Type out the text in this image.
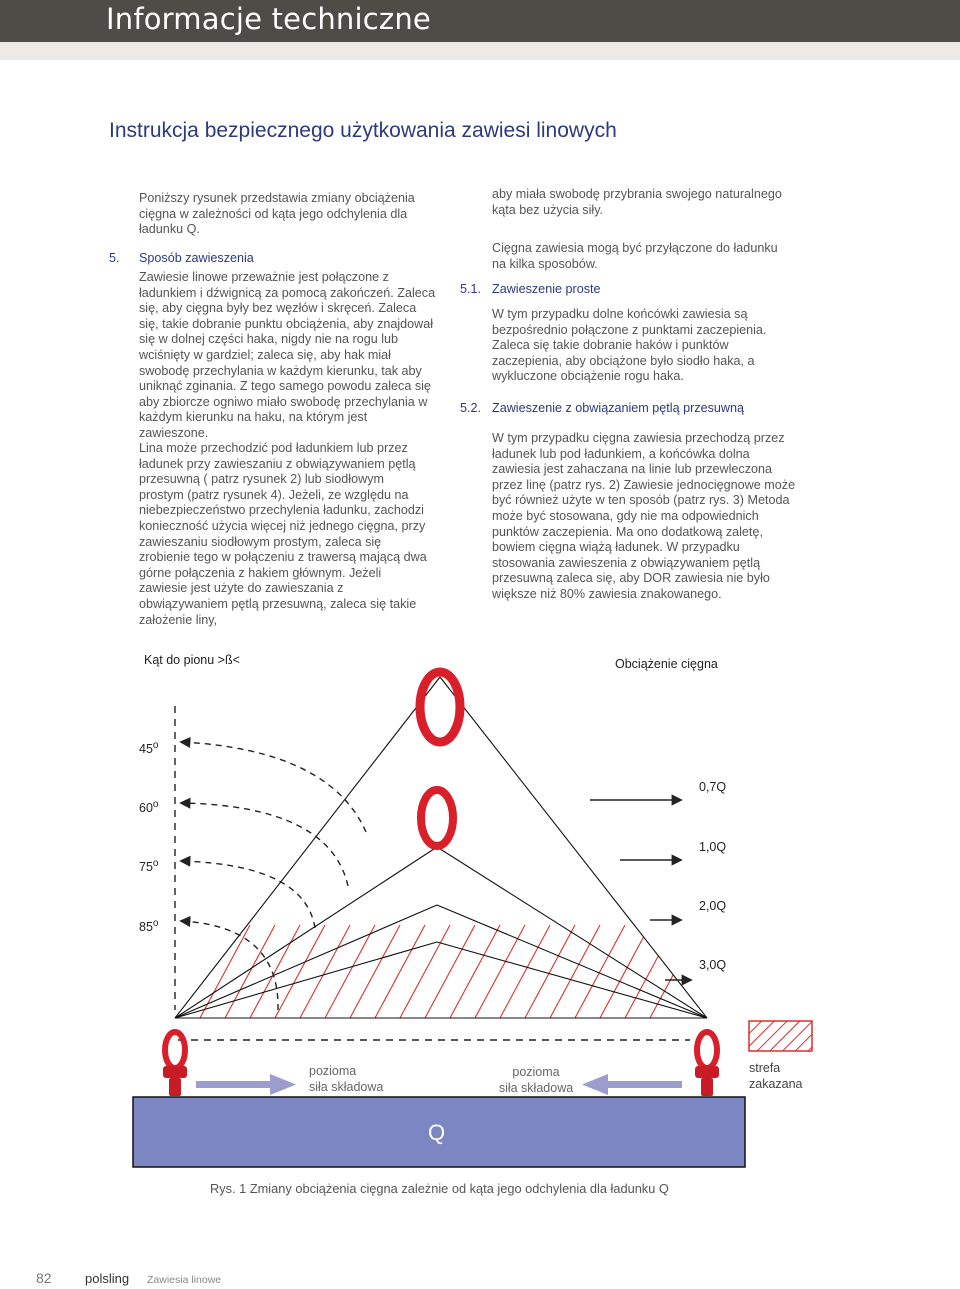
Informacje techniczne
Instrukcja bezpiecznego użytkowania zawiesi linowych

Poniższy rysunek przedstawia zmiany obciążenia cięgna w zależności od kąta jego odchylenia dla ładunku Q.

5. Sposób zawieszenia

Zawiesie linowe przeważnie jest połączone z ładunkiem i dźwignicą za pomocą zakończeń. Zaleca się, aby cięgna były bez węzłów i skręceń. Zaleca się, takie dobranie punktu obciążenia, aby znajdował się w dolnej części haka, nigdy nie na rogu lub wciśnięty w gardziel; zaleca się, aby hak miał swobodę przechylania w każdym kierunku, tak aby uniknąć zginania. Z tego samego powodu zaleca się aby zbiorcze ogniwo miało swobodę przechylania w każdym kierunku na haku, na którym jest zawieszone.

Lina może przechodzić pod ładunkiem lub przez ładunek przy zawieszaniu z obwiązywaniem pętlą przesuwną ( patrz rysunek 2) lub siodłowym prostym (patrz rysunek 4). Jeżeli, ze względu na niebezpieczeństwo przechylenia ładunku, zachodzi konieczność użycia więcej niż jednego cięgna, przy zawieszaniu siodłowym prostym, zaleca się zrobienie tego w połączeniu z trawersą mającą dwa górne połączenia z hakiem głównym. Jeżeli zawiesie jest użyte do zawieszania z obwiązywaniem pętlą przesuwną, zaleca się takie założenie liny,

aby miała swobodę przybrania swojego naturalnego kąta bez użycia siły.

Cięgna zawiesia mogą być przyłączone do ładunku na kilka sposobów.

5.1. Zawieszenie proste

W tym przypadku dolne końcówki zawiesia są bezpośrednio połączone z punktami zaczepienia. Zaleca się takie dobranie haków i punktów zaczepienia, aby obciążone było siodło haka, a wykluczone obciążenie rogu haka.

5.2. Zawieszenie z obwiązaniem pętlą przesuwną

W tym przypadku cięgna zawiesia przechodzą przez ładunek lub pod ładunkiem, a końcówka dolna zawiesia jest zahaczana na linie lub przewleczona przez linę (patrz rys. 2) Zawiesie jednocięgnowe może być również użyte w ten sposób (patrz rys. 3) Metoda może być stosowana, gdy nie ma odpowiednich punktów zaczepienia. Ma ono dodatkową zaletę, bowiem cięgna wiążą ładunek. W przypadku stosowania zawieszenia z obwiązywaniem pętlą przesuwną zaleca się, aby DOR zawiesia nie było większe niż 80% zawiesia znakowanego.

Kąt do pionu >ß<	Obciążenie cięgna
45$^o$
60$^o$
75$^o$
85$^o$
0,7Q
1,0Q
2,0Q
3,0Q
pozioma
siła składowa
pozioma
siła składowa
strefa
zakazana
Q
Rys. 1 Zmiany obciążenia cięgna zależnie od kąta jego odchylenia dla ładunku Q
82	polsling Zawiesia linowe
